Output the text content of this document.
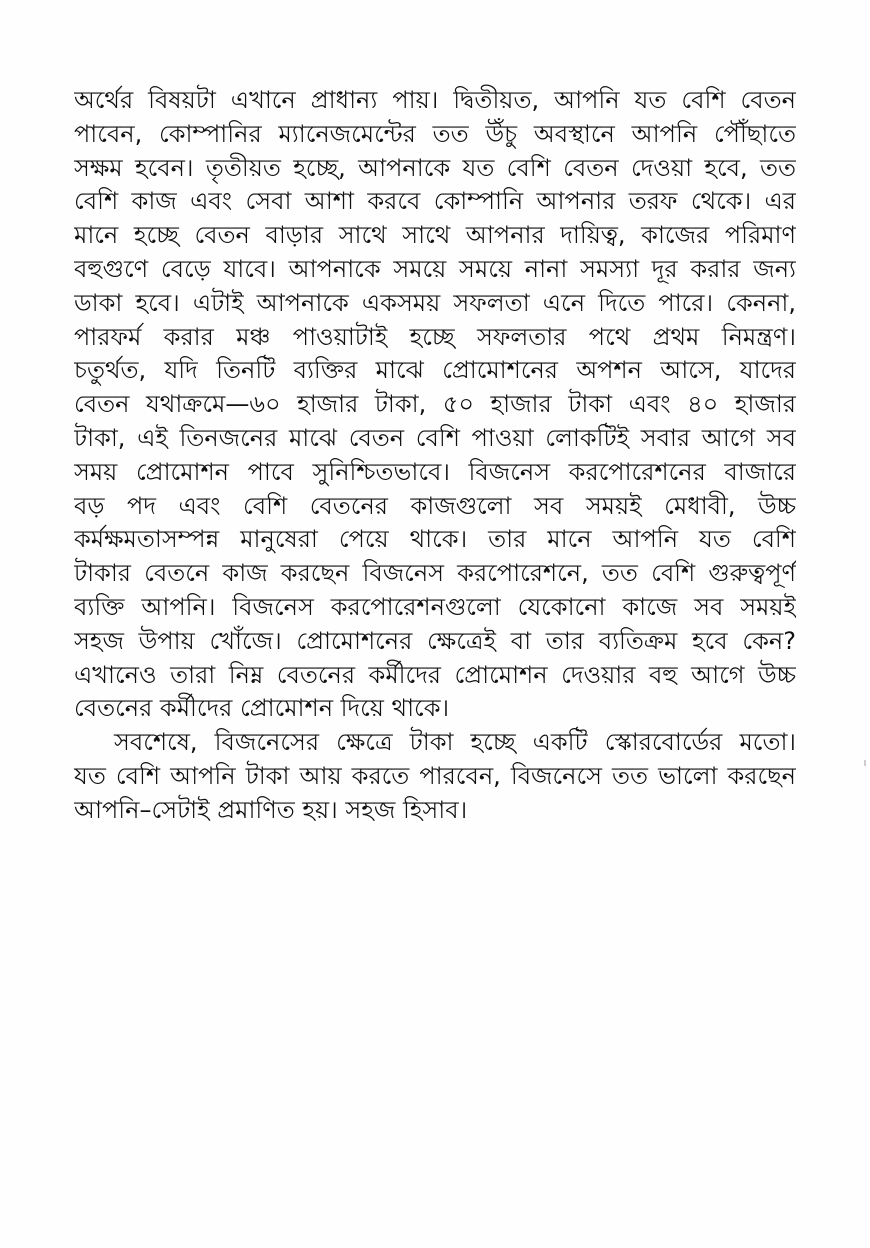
অর্থের বিষয়টা এখানে প্রাধান্য পায়। দ্বিতীয়ত, আপনি যত বেশি বেতন
পাবেন, কোম্পানির ম্যানেজমেন্টের তত উঁচু অবস্থানে আপনি পৌঁছাতে
সক্ষম হবেন। তৃতীয়ত হচ্ছে, আপনাকে যত বেশি বেতন দেওয়া হবে, তত
বেশি কাজ এবং সেবা আশা করবে কোম্পানি আপনার তরফ থেকে। এর
মানে হচ্ছে বেতন বাড়ার সাথে সাথে আপনার দায়িত্ব, কাজের পরিমাণ
বহুগুণে বেড়ে যাবে। আপনাকে সময়ে সময়ে নানা সমস্যা দূর করার জন্য
ডাকা হবে। এটাই আপনাকে একসময় সফলতা এনে দিতে পারে। কেননা,
পারফর্ম করার মঞ্চ পাওয়াটাই হচ্ছে সফলতার পথে প্রথম নিমন্ত্রণ।
চতুর্থত, যদি তিনটি ব্যক্তির মাঝে প্রোমোশনের অপশন আসে, যাদের
বেতন যথাক্রমে—৬০ হাজার টাকা, ৫০ হাজার টাকা এবং ৪০ হাজার
টাকা, এই তিনজনের মাঝে বেতন বেশি পাওয়া লোকটিই সবার আগে সব
সময় প্রোমোশন পাবে সুনিশ্চিতভাবে। বিজনেস করপোরেশনের বাজারে
বড় পদ এবং বেশি বেতনের কাজগুলো সব সময়ই মেধাবী, উচ্চ
কর্মক্ষমতাসম্পন্ন মানুষেরা পেয়ে থাকে। তার মানে আপনি যত বেশি
টাকার বেতনে কাজ করছেন বিজনেস করপোরেশনে, তত বেশি গুরুত্বপূর্ণ
ব্যক্তি আপনি। বিজনেস করপোরেশনগুলো যেকোনো কাজে সব সময়ই
সহজ উপায় খোঁজে। প্রোমোশনের ক্ষেত্রেই বা তার ব্যতিক্রম হবে কেন?
এখানেও তারা নিম্ন বেতনের কর্মীদের প্রোমোশন দেওয়ার বহু আগে উচ্চ
বেতনের কর্মীদের প্রোমোশন দিয়ে থাকে।
সবশেষে, বিজনেসের ক্ষেত্রে টাকা হচ্ছে একটি স্কোরবোর্ডের মতো।
যত বেশি আপনি টাকা আয় করতে পারবেন, বিজনেসে তত ভালো করছেন
আপনি–সেটাই প্রমাণিত হয়। সহজ হিসাব।
